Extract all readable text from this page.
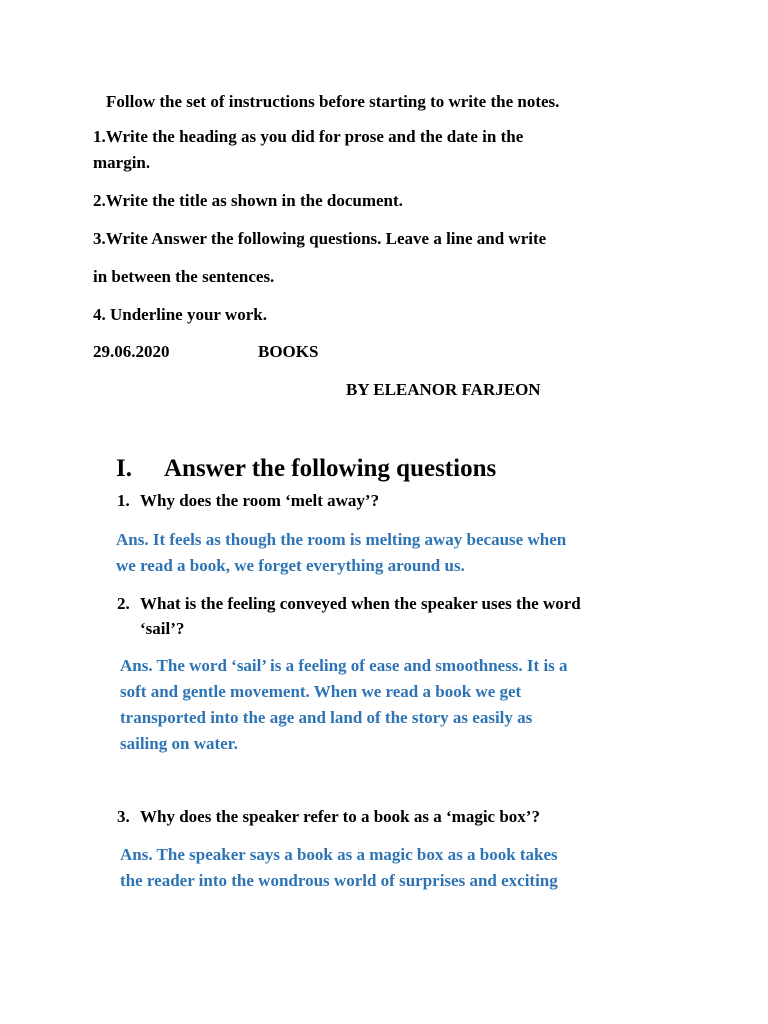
Follow the set of instructions before starting to write the notes.
1.Write the heading as you did for prose and the date in the
margin.
2.Write the title as shown in the document.
3.Write Answer the following questions. Leave a line and write
in between the sentences.
4. Underline your work.
29.06.2020	BOOKS
BY ELEANOR FARJEON
I. Answer the following questions
1. Why does the room ‘melt away’?
Ans. It feels as though the room is melting away because when
we read a book, we forget everything around us.
2. What is the feeling conveyed when the speaker uses the word
‘sail’?
Ans. The word ‘sail’ is a feeling of ease and smoothness. It is a
soft and gentle movement. When we read a book we get
transported into the age and land of the story as easily as
sailing on water.
3. Why does the speaker refer to a book as a ‘magic box’?
Ans. The speaker says a book as a magic box as a book takes
the reader into the wondrous world of surprises and exciting
